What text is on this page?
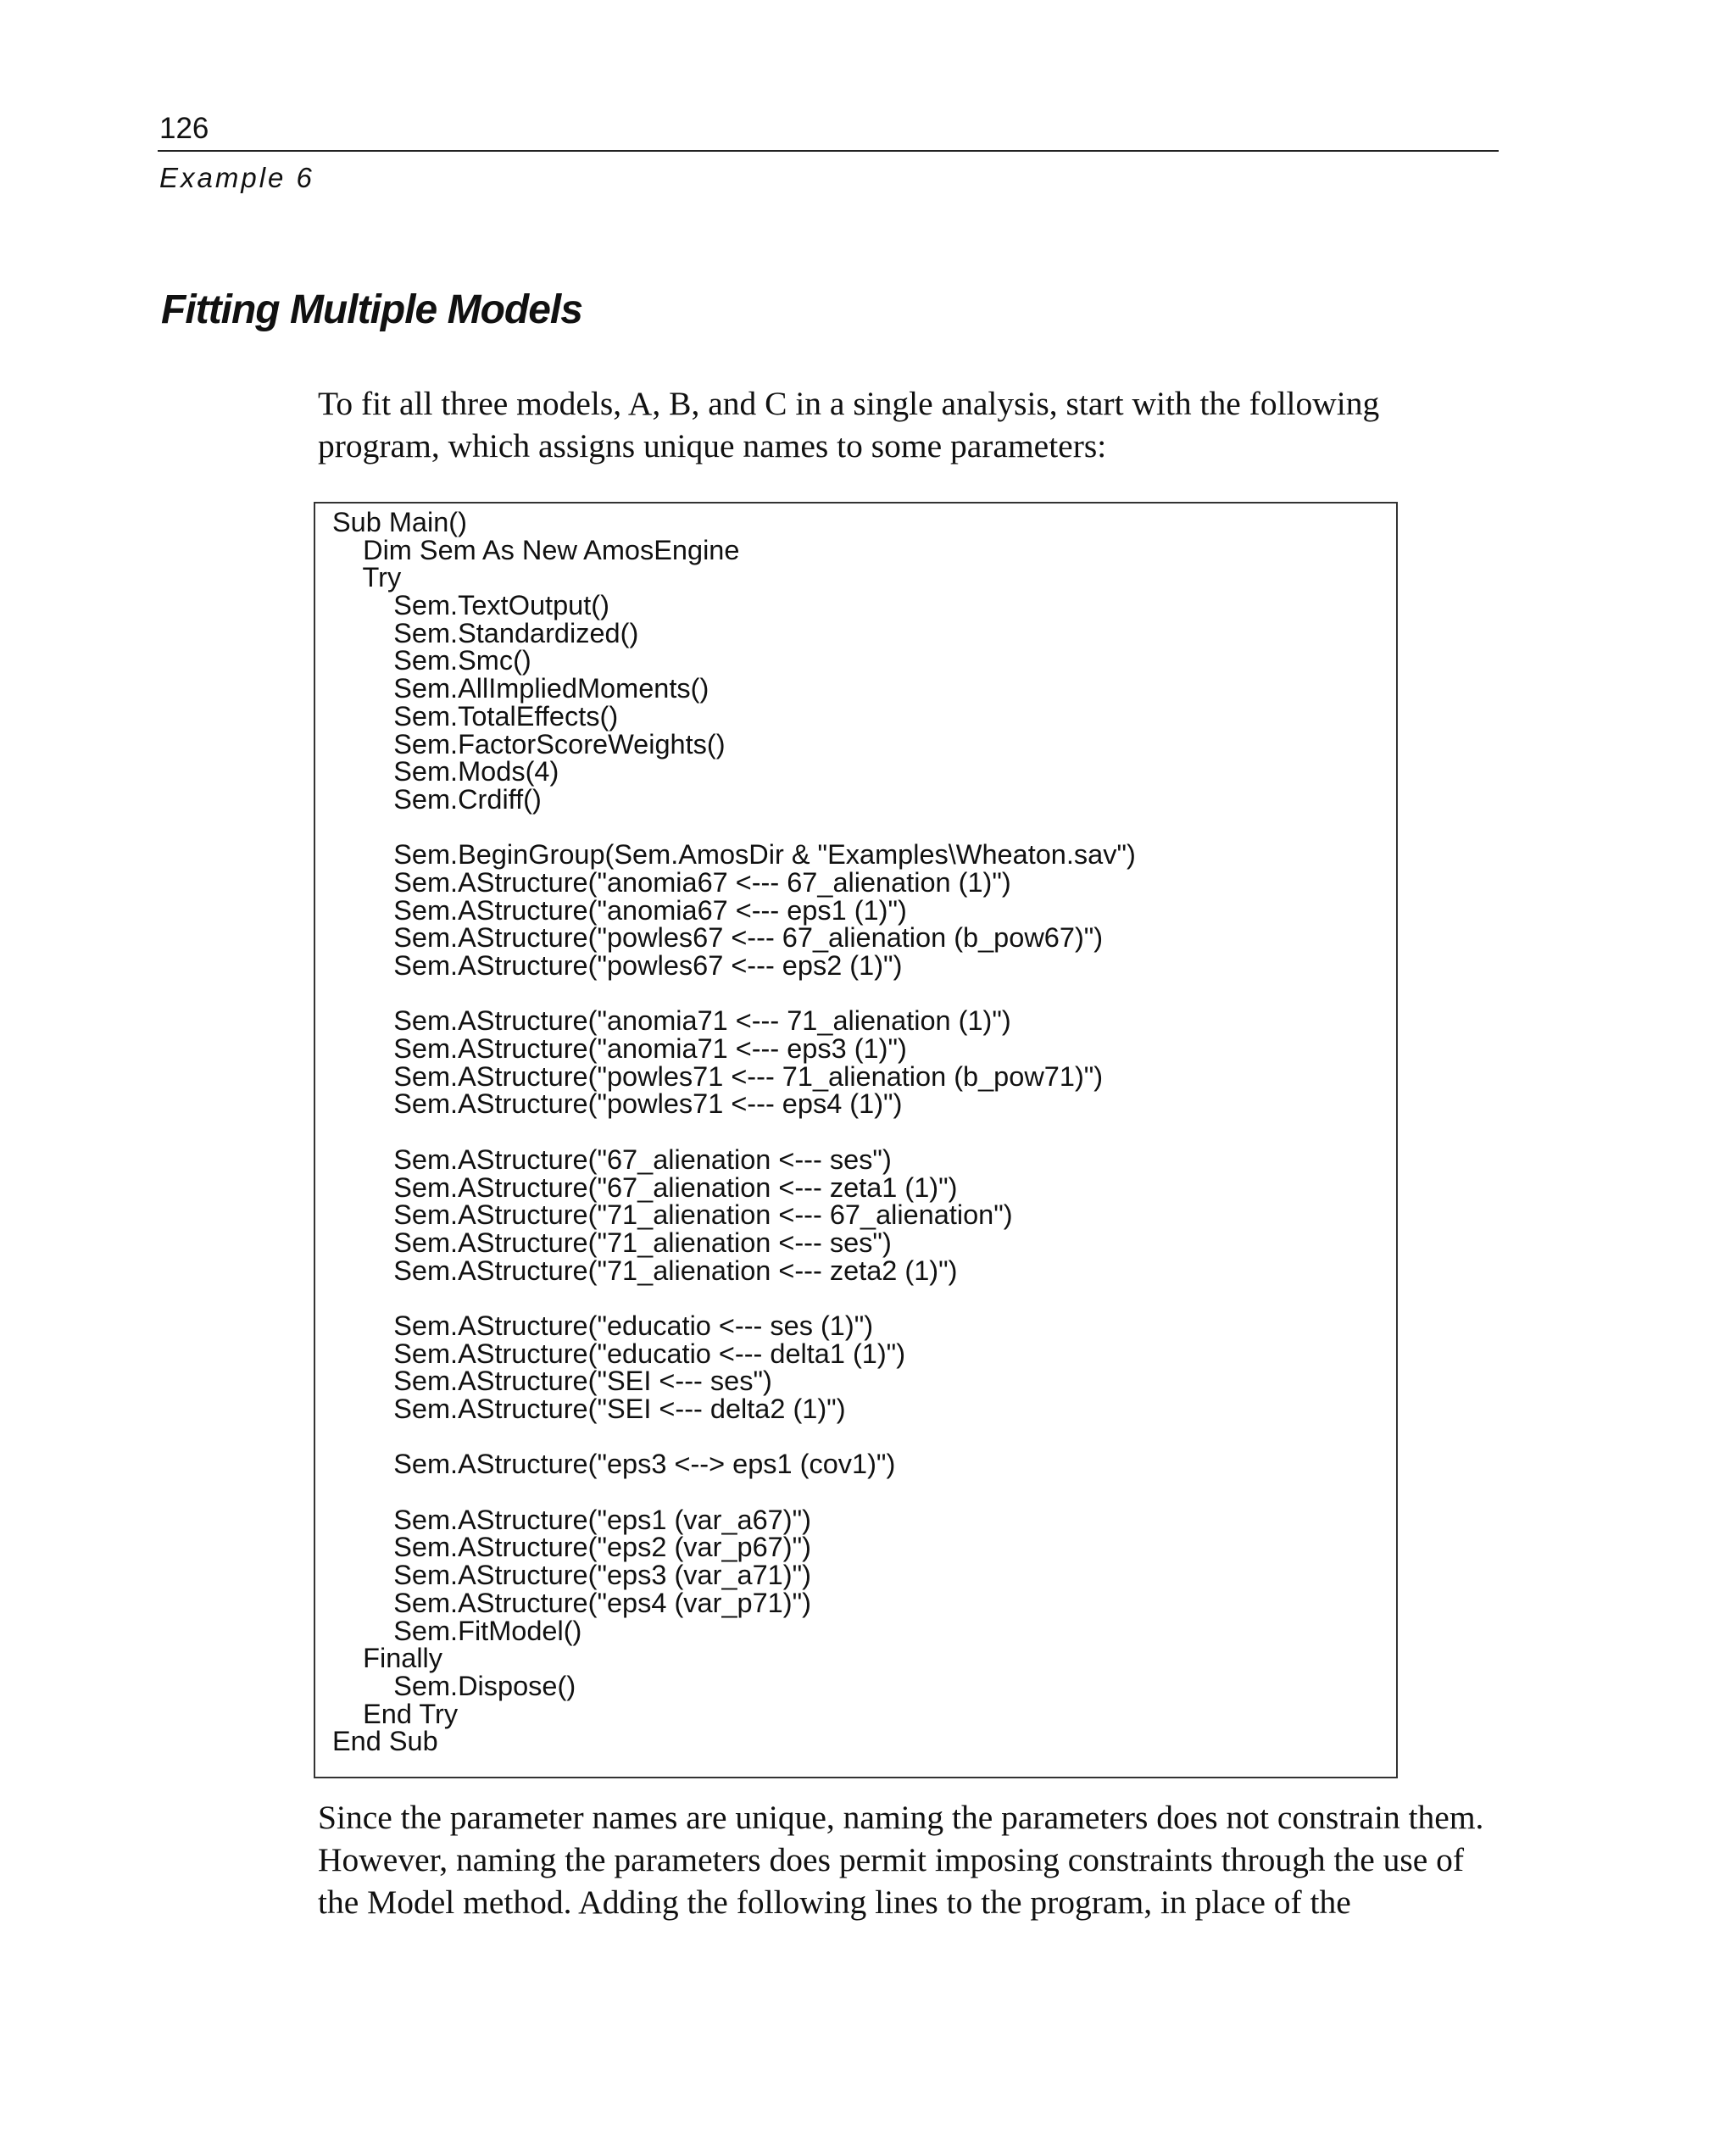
126
Example 6
Fitting Multiple Models

To fit all three models, A, B, and C in a single analysis, start with the following
program, which assigns unique names to some parameters:

Sub Main()
Dim Sem As New AmosEngine
Try
Sem.TextOutput()
Sem.Standardized()
Sem.Smc()
Sem.AllImpliedMoments()
Sem.TotalEffects()
Sem.FactorScoreWeights()
Sem.Mods(4)
Sem.Crdiff()
Sem.BeginGroup(Sem.AmosDir & "Examples\Wheaton.sav")
Sem.AStructure("anomia67 <--- 67_alienation (1)")
Sem.AStructure("anomia67 <--- eps1 (1)")
Sem.AStructure("powles67 <--- 67_alienation (b_pow67)")
Sem.AStructure("powles67 <--- eps2 (1)")
Sem.AStructure("anomia71 <--- 71_alienation (1)")
Sem.AStructure("anomia71 <--- eps3 (1)")
Sem.AStructure("powles71 <--- 71_alienation (b_pow71)")
Sem.AStructure("powles71 <--- eps4 (1)")
Sem.AStructure("67_alienation <--- ses")
Sem.AStructure("67_alienation <--- zeta1 (1)")
Sem.AStructure("71_alienation <--- 67_alienation")
Sem.AStructure("71_alienation <--- ses")
Sem.AStructure("71_alienation <--- zeta2 (1)")
Sem.AStructure("educatio <--- ses (1)")
Sem.AStructure("educatio <--- delta1 (1)")
Sem.AStructure("SEI <--- ses")
Sem.AStructure("SEI <--- delta2 (1)")
Sem.AStructure("eps3 <--> eps1 (cov1)")
Sem.AStructure("eps1 (var_a67)")
Sem.AStructure("eps2 (var_p67)")
Sem.AStructure("eps3 (var_a71)")
Sem.AStructure("eps4 (var_p71)")
Sem.FitModel()
Finally
Sem.Dispose()
End Try
End Sub

Since the parameter names are unique, naming the parameters does not constrain them.
However, naming the parameters does permit imposing constraints through the use of
the Model method. Adding the following lines to the program, in place of the
